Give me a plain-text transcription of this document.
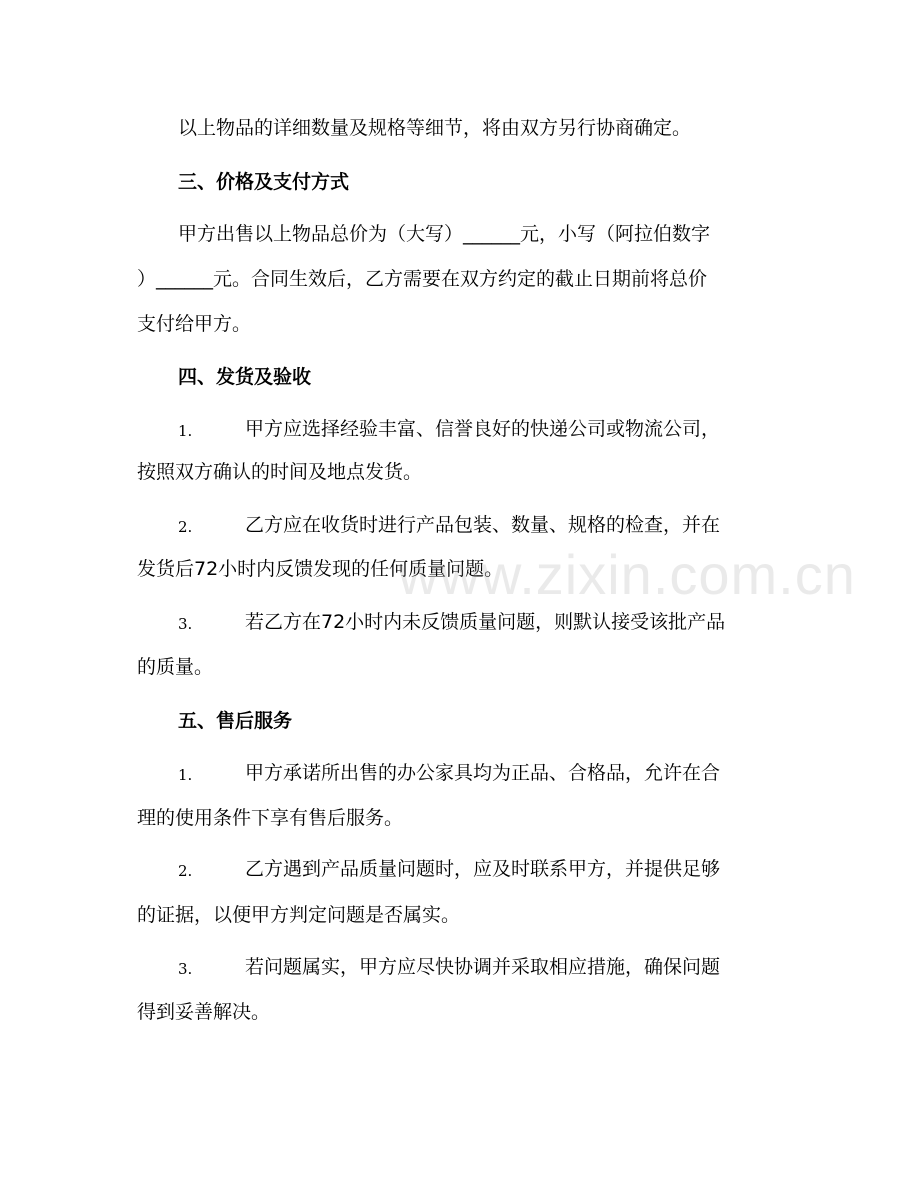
以上物品的详细数量及规格等细节，将由双方另行协商确定。

三、价格及支付方式

甲方出售以上物品总价为（大写）______元，小写（阿拉伯数字

）______元。合同生效后，乙方需要在双方约定的截止日期前将总价

支付给甲方。

四、发货及验收

1.	甲方应选择经验丰富、信誉良好的快递公司或物流公司，

按照双方确认的时间及地点发货。

2.	乙方应在收货时进行产品包装、数量、规格的检查，并在

发货后72小时内反馈发现的任何质量问题。

3.	若乙方在72小时内未反馈质量问题，则默认接受该批产品

的质量。

五、售后服务

1.	甲方承诺所出售的办公家具均为正品、合格品，允许在合

理的使用条件下享有售后服务。

2.	乙方遇到产品质量问题时，应及时联系甲方，并提供足够

的证据，以便甲方判定问题是否属实。

3.	若问题属实，甲方应尽快协调并采取相应措施，确保问题

得到妥善解决。

www.zixin.com.cn
